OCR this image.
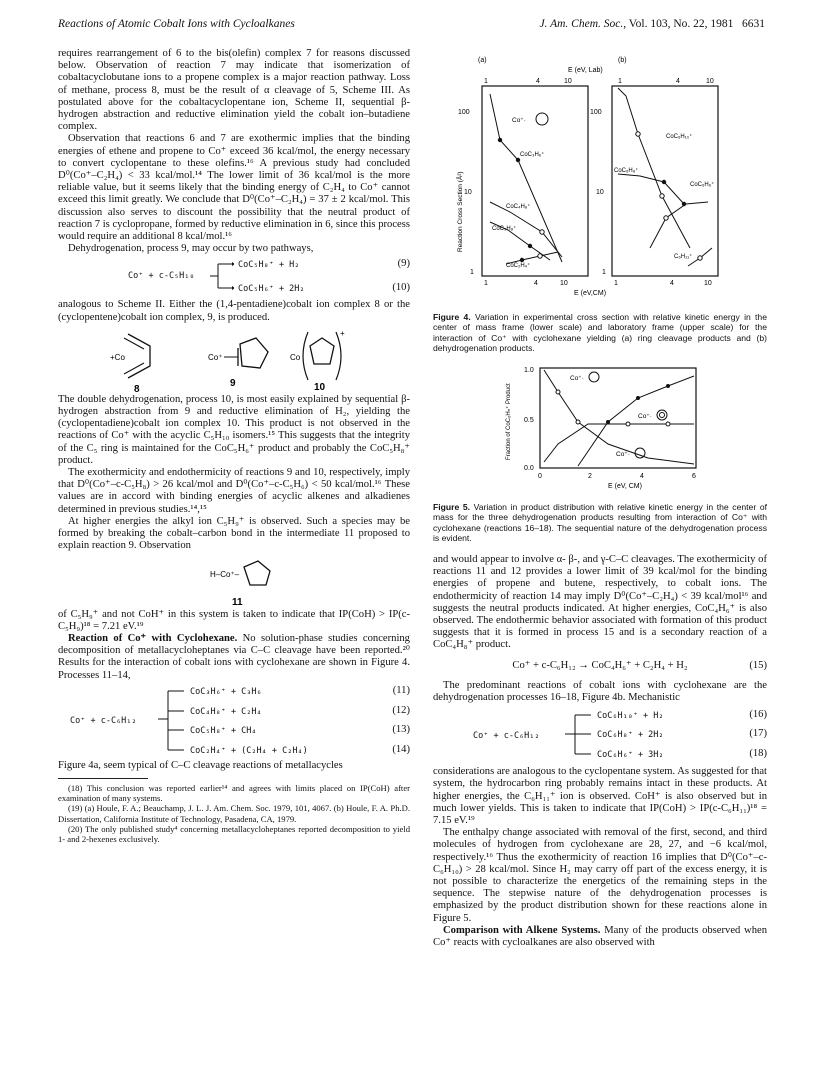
Reactions of Atomic Cobalt Ions with Cycloalkanes	J. Am. Chem. Soc., Vol. 103, No. 22, 1981 6631

requires rearrangement of 6 to the bis(olefin) complex 7 for reasons discussed below. Observation of reaction 7 may indicate that isomerization of cobaltacyclobutane ions to a propene complex is a major reaction pathway. Loss of methane, process 8, must be the result of α cleavage of 5, Scheme III. As postulated above for the cobaltacyclopentane ion, Scheme II, sequential β-hydrogen abstraction and reductive elimination yield the cobalt ion–butadiene complex.

Observation that reactions 6 and 7 are exothermic implies that the binding energies of ethene and propene to Co⁺ exceed 36 kcal/mol, the energy necessary to convert cyclopentane to these olefins.¹⁶ A previous study had concluded D⁰(Co⁺–C₂H₄) < 33 kcal/mol.¹⁴ The lower limit of 36 kcal/mol is the more reliable value, but it seems likely that the binding energy of C₂H₄ to Co⁺ cannot exceed this limit greatly. We conclude that D⁰(Co⁺–C₂H₄) = 37 ± 2 kcal/mol. This discussion also serves to discount the possibility that the neutral product of reaction 7 is cyclopropane, formed by reductive elimination in 6, since this process would require an additional 8 kcal/mol.¹⁶

Dehydrogenation, process 9, may occur by two pathways,

Co⁺ + c-C₅H₁₀
CoC₅H₈⁺ + H₂	(9)
CoC₅H₆⁺ + 2H₂	(10)

analogous to Scheme II. Either the (1,4-pentadiene)cobalt ion complex 8 or the (cyclopentene)cobalt ion complex, 9, is produced.

+Co
8
Co⁺
9
Co
+
10

The double dehydrogenation, process 10, is most easily explained by sequential β-hydrogen abstraction from 9 and reductive elimination of H₂, yielding the (cyclopentadiene)cobalt ion complex 10. This product is not observed in the reactions of Co⁺ with the acyclic C₅H₁₀ isomers.¹⁵ This suggests that the integrity of the C₅ ring is maintained for the CoC₅H₆⁺ product and probably the CoC₅H₈⁺ product.

The exothermicity and endothermicity of reactions 9 and 10, respectively, imply that D⁰(Co⁺–c-C₅H₈) > 26 kcal/mol and D⁰(Co⁺–c-C₅H₆) < 50 kcal/mol.¹⁶ These values are in accord with binding energies of acyclic alkenes and alkadienes determined in previous studies.¹⁴,¹⁵

At higher energies the alkyl ion C₅H₉⁺ is observed. Such a species may be formed by breaking the cobalt–carbon bond in the intermediate 11 proposed to explain reaction 9. Observation

H–Co⁺–
11

of C₅H₉⁺ and not CoH⁺ in this system is taken to indicate that IP(CoH) > IP(c-C₅H₉)¹⁸ = 7.21 eV.¹⁹

Reaction of Co⁺ with Cyclohexane. No solution-phase studies concerning decomposition of metallacycloheptanes via C–C cleavage have been reported.²⁰ Results for the interaction of cobalt ions with cyclohexane are shown in Figure 4. Processes 11–14,

Co⁺ + c-C₆H₁₂
CoC₃H₆⁺ + C₃H₆	(11)
CoC₄H₈⁺ + C₂H₄	(12)
CoC₅H₈⁺ + CH₄	(13)
CoC₂H₄⁺ + (C₂H₄ + C₂H₄)	(14)

Figure 4a, seem typical of C–C cleavage reactions of metallacycles

(18) This conclusion was reported earlier¹⁴ and agrees with limits placed on IP(CoH) after examination of many systems.
(19) (a) Houle, F. A.; Beauchamp, J. L. J. Am. Chem. Soc. 1979, 101, 4067. (b) Houle, F. A. Ph.D. Dissertation, California Institute of Technology, Pasadena, CA, 1979.
(20) The only published study⁴ concerning metallacycloheptanes reported decomposition to yield 1- and 2-hexenes exclusively.
(a)	(b)
E (eV, Lab)
1	4	10	1	4	10
100
10
1
100
10
1
Reaction Cross Section (Å²)
Co⁺·
CoC₃H₆⁺
CoC₄H₈⁺
CoC₅H₈⁺
CoC₂H₄⁺
CoC₆H₁₀⁺
CoC₆H₈⁺
CoC₆H₆⁺
C₆H₁₁⁺
1	4	10	1	4	10
E (eV,CM)
Figure 4. Variation in experimental cross section with relative kinetic energy in the center of mass frame (lower scale) and laboratory frame (upper scale) for the interaction of Co⁺ with cyclohexane yielding (a) ring cleavage products and (b) dehydrogenation products.
1.0
0.5
0.0
Fraction of CoC₆Hₙ⁺ Product
0	2	4	6
E (eV, CM)
Co⁺·
Co⁺·
Co⁺·
Figure 5. Variation in product distribution with relative kinetic energy in the center of mass for the three dehydrogenation products resulting from interaction of Co⁺ with cyclohexane (reactions 16–18). The sequential nature of the dehydrogenation process is evident.

and would appear to involve α- β-, and γ-C–C cleavages. The exothermicity of reactions 11 and 12 provides a lower limit of 39 kcal/mol for the binding energies of propene and butene, respectively, to cobalt ions. The endothermicity of reaction 14 may imply D⁰(Co⁺–C₂H₄) < 39 kcal/mol¹⁶ and suggests the neutral products indicated. At higher energies, CoC₄H₆⁺ is also observed. The endothermic behavior associated with formation of this product suggests that it is formed in process 15 and is a secondary reaction of a CoC₄H₈⁺ product.

Co⁺ + c-C₆H₁₂ → CoC₄H₆⁺ + C₂H₄ + H₂	(15)

The predominant reactions of cobalt ions with cyclohexane are the dehydrogenation processes 16–18, Figure 4b. Mechanistic

Co⁺ + c-C₆H₁₂
CoC₆H₁₀⁺ + H₂	(16)
CoC₆H₈⁺ + 2H₂	(17)
CoC₆H₆⁺ + 3H₂	(18)

considerations are analogous to the cyclopentane system. As suggested for that system, the hydrocarbon ring probably remains intact in these products. At higher energies, the C₆H₁₁⁺ ion is observed. CoH⁺ is also observed but in much lower yields. This is taken to indicate that IP(CoH) > IP(c-C₆H₁₁)¹⁸ = 7.15 eV.¹⁹

The enthalpy change associated with removal of the first, second, and third molecules of hydrogen from cyclohexane are 28, 27, and −6 kcal/mol, respectively.¹⁶ Thus the exothermicity of reaction 16 implies that D⁰(Co⁺–c-C₆H₁₀) > 28 kcal/mol. Since H₂ may carry off part of the excess energy, it is not possible to characterize the energetics of the remaining steps in the sequence. The stepwise nature of the dehydrogenation processes is emphasized by the product distribution shown for these reactions alone in Figure 5.

Comparison with Alkene Systems. Many of the products observed when Co⁺ reacts with cycloalkanes are also observed with
